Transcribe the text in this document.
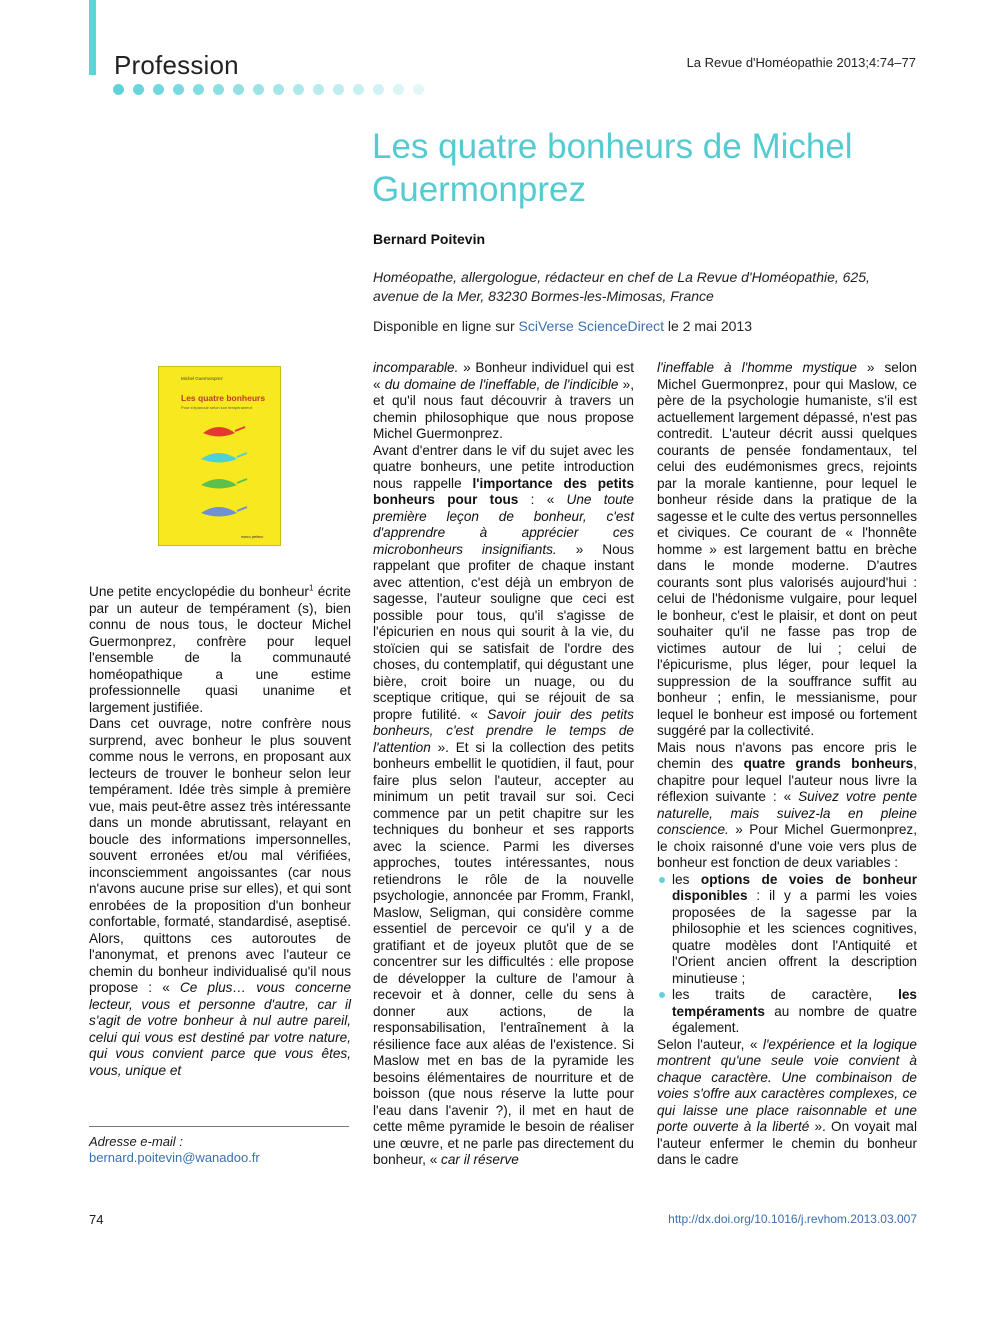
Profession	La Revue d'Homéopathie 2013;4:74–77
Les quatre bonheurs de Michel
Guermonprez
Bernard Poitevin
Homéopathe, allergologue, rédacteur en chef de La Revue d'Homéopathie, 625,
avenue de la Mer, 83230 Bormes-les-Mimosas, France
Disponible en ligne sur SciVerse ScienceDirect le 2 mai 2013
Michel Guermonprez
Les quatre bonheurs
Pour s'épanouir selon son tempérament
marco pietteur

Une petite encyclopédie du bonheur$^1$ écrite par un auteur de tempérament (s), bien connu de nous tous, le docteur Michel Guermonprez, confrère pour lequel l'ensemble de la communauté homéopathique a une estime professionnelle quasi unanime et largement justifiée.

Dans cet ouvrage, notre confrère nous surprend, avec bonheur le plus souvent comme nous le verrons, en proposant aux lecteurs de trouver le bonheur selon leur tempérament. Idée très simple à première vue, mais peut-être assez très intéressante dans un monde abrutissant, relayant en boucle des informations impersonnelles, souvent erronées et/ou mal vérifiées, inconsciemment angoissantes (car nous n'avons aucune prise sur elles), et qui sont enrobées de la proposition d'un bonheur confortable, formaté, standardisé, aseptisé. Alors, quittons ces autoroutes de l'anonymat, et prenons avec l'auteur ce chemin du bonheur individualisé qu'il nous propose : « Ce plus… vous concerne lecteur, vous et personne d'autre, car il s'agit de votre bonheur à nul autre pareil, celui qui vous est destiné par votre nature, qui vous convient parce que vous êtes, vous, unique et

incomparable. » Bonheur individuel qui est « du domaine de l'ineffable, de l'indicible », et qu'il nous faut découvrir à travers un chemin philosophique que nous propose Michel Guermonprez.

Avant d'entrer dans le vif du sujet avec les quatre bonheurs, une petite introduction nous rappelle l'importance des petits bonheurs pour tous : « Une toute première leçon de bonheur, c'est d'apprendre à apprécier ces microbonheurs insignifiants. » Nous rappelant que profiter de chaque instant avec attention, c'est déjà un embryon de sagesse, l'auteur souligne que ceci est possible pour tous, qu'il s'agisse de l'épicurien en nous qui sourit à la vie, du stoïcien qui se satisfait de l'ordre des choses, du contemplatif, qui dégustant une bière, croit boire un nuage, ou du sceptique critique, qui se réjouit de sa propre futilité. « Savoir jouir des petits bonheurs, c'est prendre le temps de l'attention ». Et si la collection des petits bonheurs embellit le quotidien, il faut, pour faire plus selon l'auteur, accepter au minimum un petit travail sur soi. Ceci commence par un petit chapitre sur les techniques du bonheur et ses rapports avec la science. Parmi les diverses approches, toutes intéressantes, nous retiendrons le rôle de la nouvelle psychologie, annoncée par Fromm, Frankl, Maslow, Seligman, qui considère comme essentiel de percevoir ce qu'il y a de gratifiant et de joyeux plutôt que de se concentrer sur les difficultés : elle propose de développer la culture de l'amour à recevoir et à donner, celle du sens à donner aux actions, de la responsabilisation, l'entraînement à la résilience face aux aléas de l'existence. Si Maslow met en bas de la pyramide les besoins élémentaires de nourriture et de boisson (que nous réserve la lutte pour l'eau dans l'avenir ?), il met en haut de cette même pyramide le besoin de réaliser une œuvre, et ne parle pas directement du bonheur, « car il réserve

l'ineffable à l'homme mystique » selon Michel Guermonprez, pour qui Maslow, ce père de la psychologie humaniste, s'il est actuellement largement dépassé, n'est pas contredit. L'auteur décrit aussi quelques courants de pensée fondamentaux, tel celui des eudémonismes grecs, rejoints par la morale kantienne, pour lequel le bonheur réside dans la pratique de la sagesse et le culte des vertus personnelles et civiques. Ce courant de « l'honnête homme » est largement battu en brèche dans le monde moderne. D'autres courants sont plus valorisés aujourd'hui : celui de l'hédonisme vulgaire, pour lequel le bonheur, c'est le plaisir, et dont on peut souhaiter qu'il ne fasse pas trop de victimes autour de lui ; celui de l'épicurisme, plus léger, pour lequel la suppression de la souffrance suffit au bonheur ; enfin, le messianisme, pour lequel le bonheur est imposé ou fortement suggéré par la collectivité.

Mais nous n'avons pas encore pris le chemin des quatre grands bonheurs, chapitre pour lequel l'auteur nous livre la réflexion suivante : « Suivez votre pente naturelle, mais suivez-la en pleine conscience. » Pour Michel Guermonprez, le choix raisonné d'une voie vers plus de bonheur est fonction de deux variables :

les options de voies de bonheur disponibles : il y a parmi les voies proposées de la sagesse par la philosophie et les sciences cognitives, quatre modèles dont l'Antiquité et l'Orient ancien offrent la description minutieuse ;
les traits de caractère, les tempéraments au nombre de quatre également.

Selon l'auteur, « l'expérience et la logique montrent qu'une seule voie convient à chaque caractère. Une combinaison de voies s'offre aux caractères complexes, ce qui laisse une place raisonnable et une porte ouverte à la liberté ». On voyait mal l'auteur enfermer le chemin du bonheur dans le cadre

Adresse e-mail :
bernard.poitevin@wanadoo.fr
74	http://dx.doi.org/10.1016/j.revhom.2013.03.007
